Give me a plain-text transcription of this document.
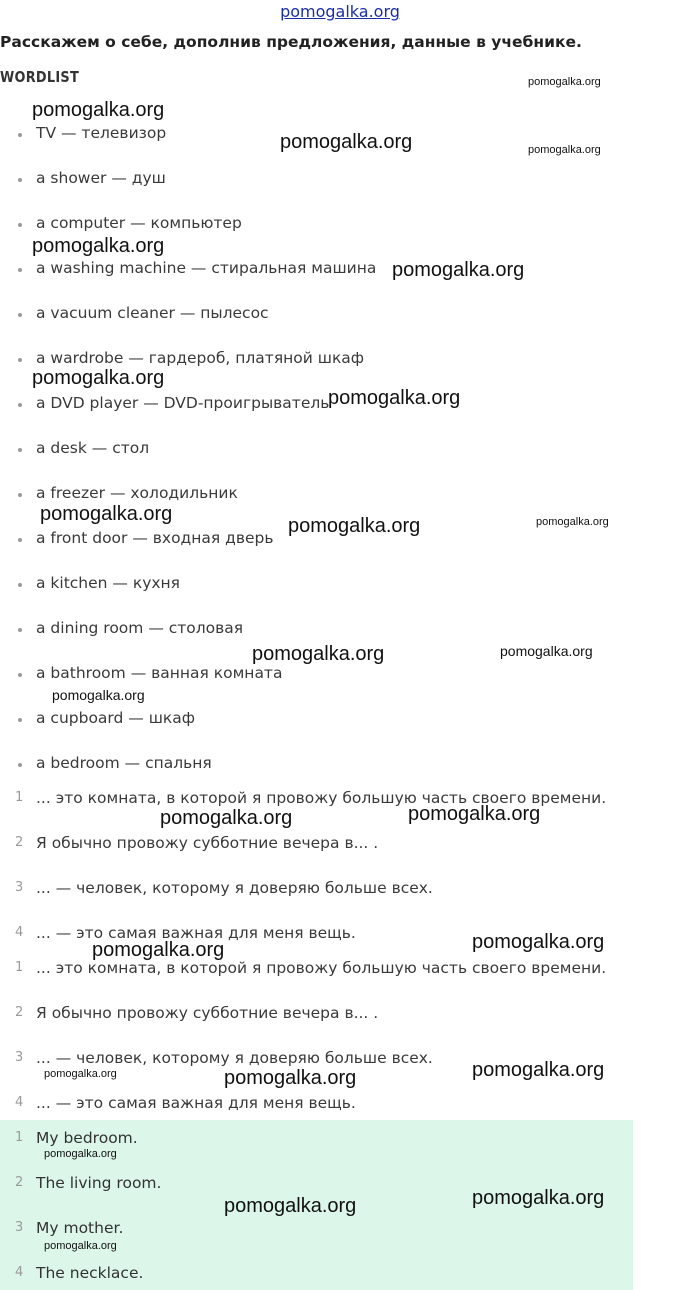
pomogalka.org
Расскажем о себе, дополнив предложения, данные в учебнике.
WORDLIST
TV — телевизор
a shower — душ
a computer — компьютер
a washing machine — стиральная машина
a vacuum cleaner — пылесос
a wardrobe — гардероб, платяной шкаф
a DVD player — DVD-проигрыватель
a desk — стол
a freezer — холодильник
a front door — входная дверь
a kitchen — кухня
a dining room — столовая
a bathroom — ванная комната
a cupboard — шкаф
a bedroom — спальня
1 ... это комната, в которой я провожу большую часть своего времени.
2 Я обычно провожу субботние вечера в... .
3 ... — человек, которому я доверяю больше всех.
4 ... — это самая важная для меня вещь.
1 ... это комната, в которой я провожу большую часть своего времени.
2 Я обычно провожу субботние вечера в... .
3 ... — человек, которому я доверяю больше всех.
4 ... — это самая важная для меня вещь.
1 My bedroom.
2 The living room.
3 My mother.
4 The necklace.
pomogalka.org
pomogalka.org
pomogalka.org	pomogalka.org
pomogalka.org
pomogalka.org
pomogalka.org
pomogalka.org
pomogalka.org
pomogalka.org	pomogalka.org
pomogalka.org	pomogalka.org
pomogalka.org
pomogalka.org	pomogalka.org
pomogalka.org	pomogalka.org
pomogalka.org	pomogalka.org	pomogalka.org
pomogalka.org
pomogalka.org	pomogalka.org
pomogalka.org
